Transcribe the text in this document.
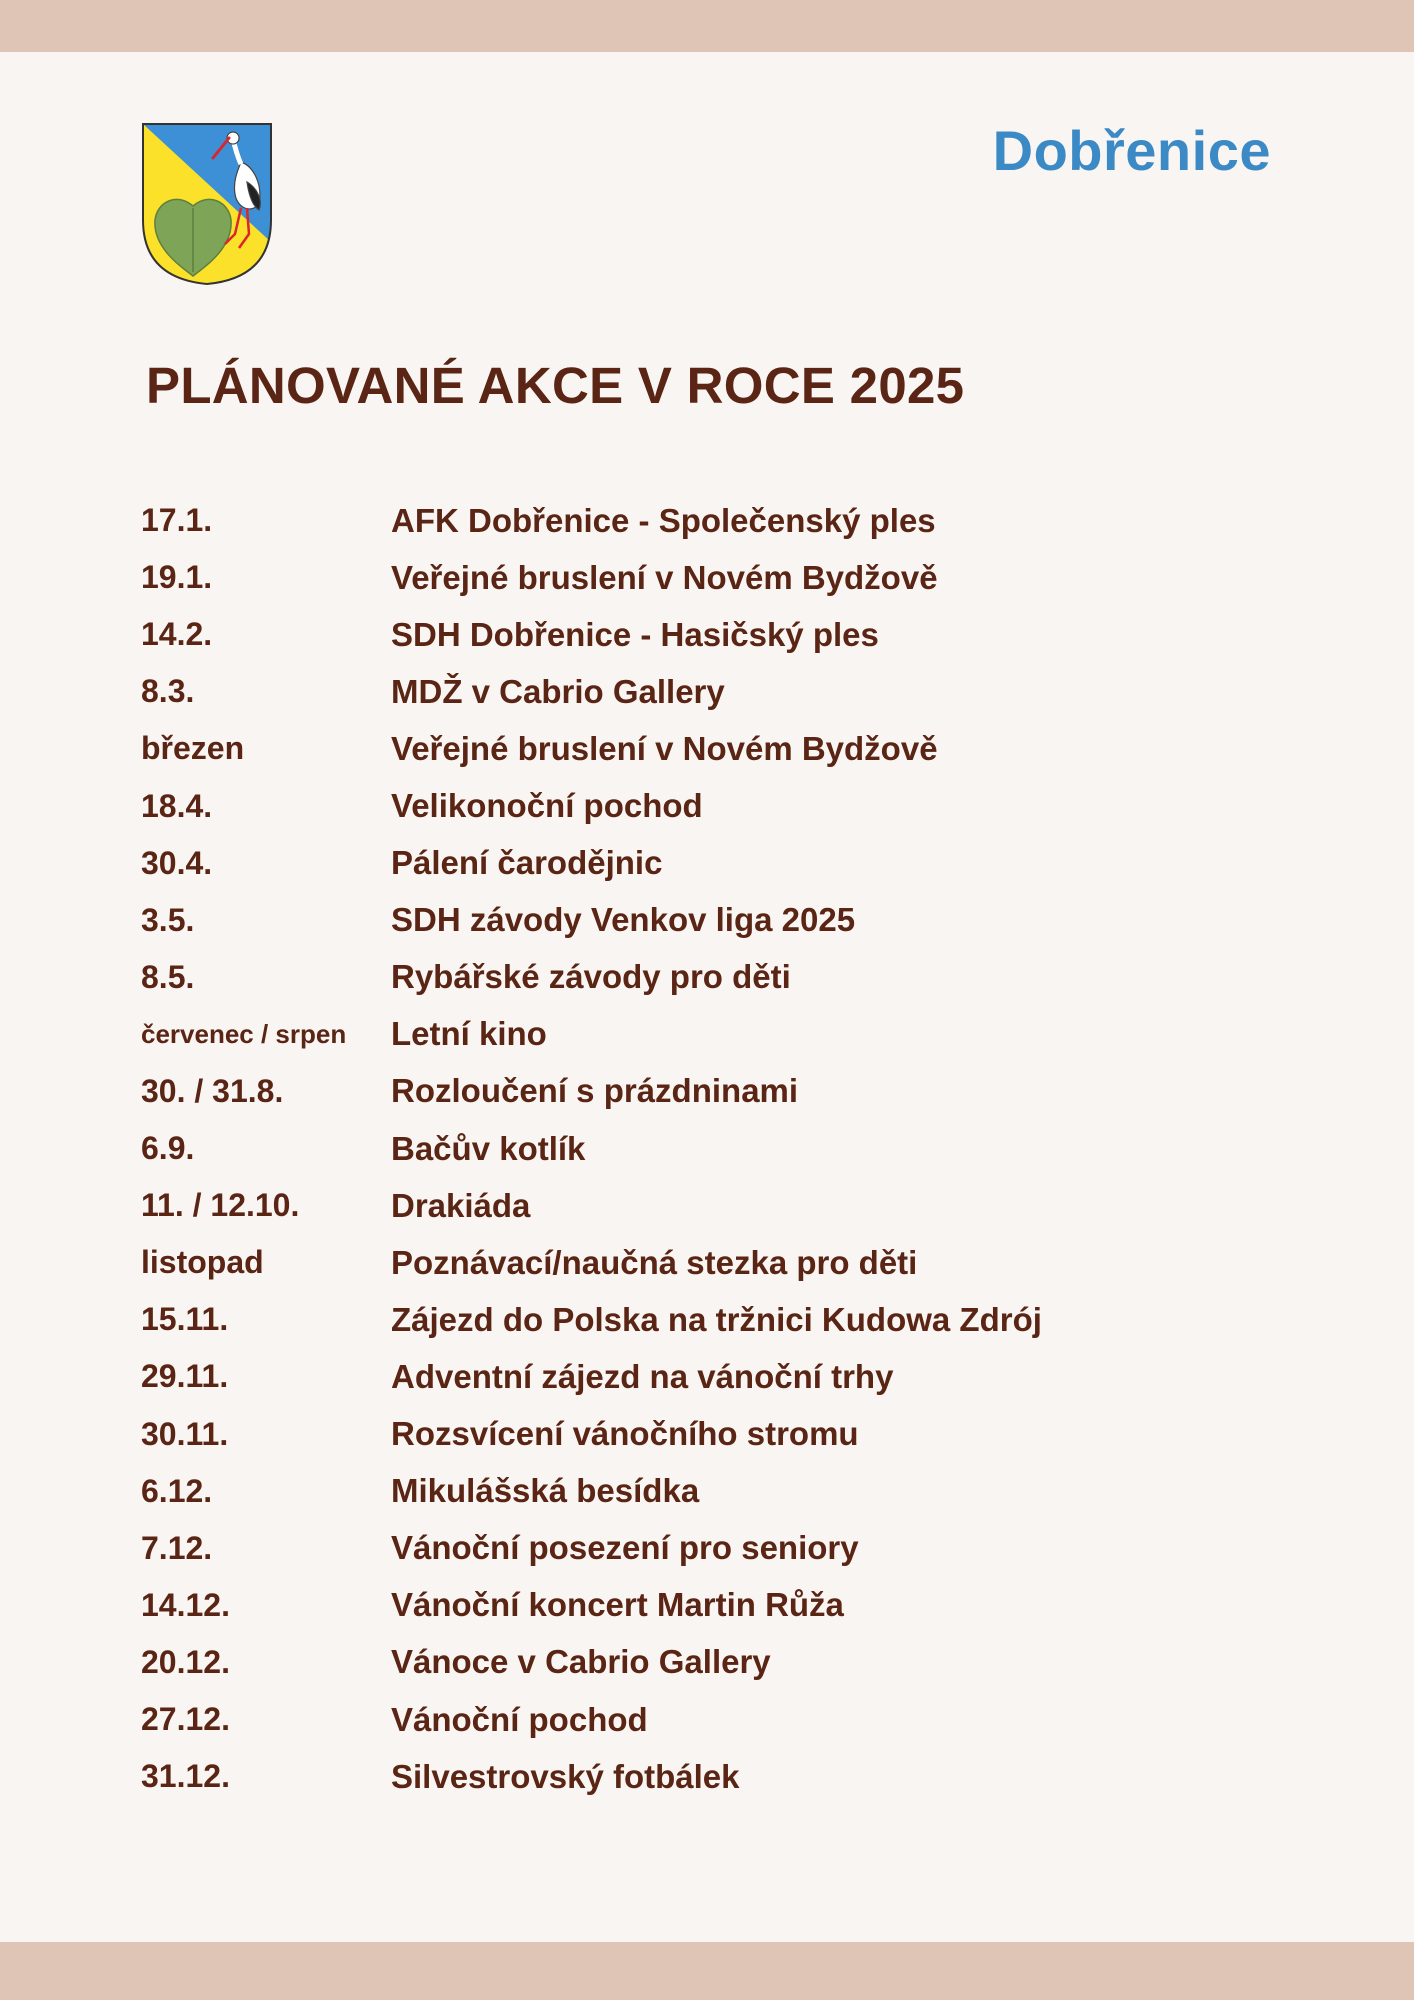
Dobřenice
PLÁNOVANÉ AKCE V ROCE 2025
17.1.	AFK Dobřenice - Společenský ples
19.1.	Veřejné bruslení v Novém Bydžově
14.2.	SDH Dobřenice - Hasičský ples
8.3.	MDŽ v Cabrio Gallery
březen	Veřejné bruslení v Novém Bydžově
18.4.	Velikonoční pochod
30.4.	Pálení čarodějnic
3.5.	SDH závody Venkov liga 2025
8.5.	Rybářské závody pro děti
červenec / srpen	Letní kino
30. / 31.8.	Rozloučení s prázdninami
6.9.	Bačův kotlík
11. / 12.10.	Drakiáda
listopad	Poznávací/naučná stezka pro děti
15.11.	Zájezd do Polska na tržnici Kudowa Zdrój
29.11.	Adventní zájezd na vánoční trhy
30.11.	Rozsvícení vánočního stromu
6.12.	Mikulášská besídka
7.12.	Vánoční posezení pro seniory
14.12.	Vánoční koncert Martin Růža
20.12.	Vánoce v Cabrio Gallery
27.12.	Vánoční pochod
31.12.	Silvestrovský fotbálek
